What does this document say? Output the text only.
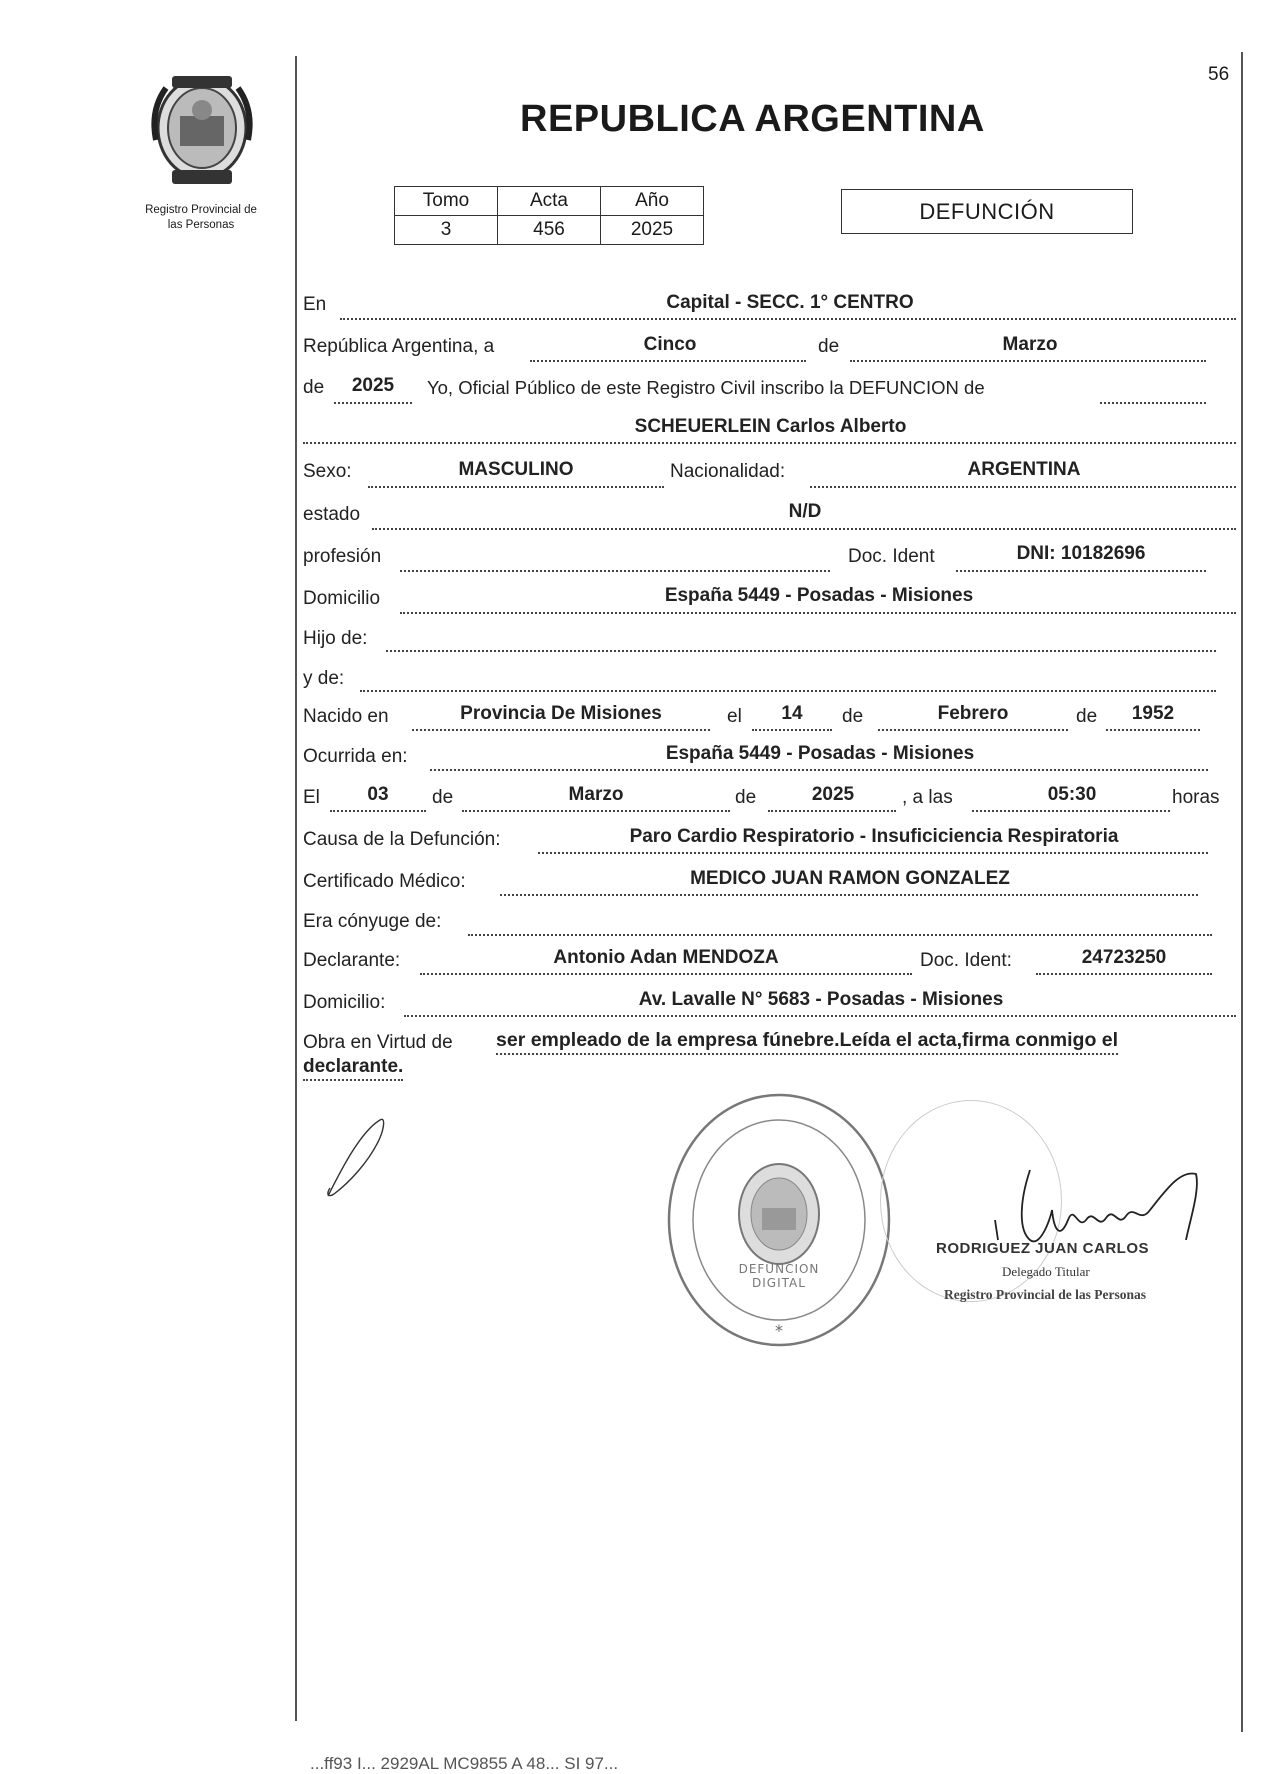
56
Registro Provincial de
las Personas
REPUBLICA ARGENTINA
Tomo	Acta	Año
3	456	2025
DEFUNCIÓN
En	Capital - SECC. 1° CENTRO
República Argentina, a	Cinco	de	Marzo
de	2025	Yo, Oficial Público de este Registro Civil inscribo la DEFUNCION de
SCHEUERLEIN Carlos Alberto
Sexo:	MASCULINO	Nacionalidad:	ARGENTINA
estado	N/D
profesión	Doc. Ident	DNI: 10182696
Domicilio	España 5449 - Posadas - Misiones
Hijo de:
y de:
Nacido en	Provincia De Misiones	el	14	de	Febrero	de	1952
Ocurrida en:	España 5449 - Posadas - Misiones
El	03	de	Marzo	de	2025	, a las	05:30	horas
Causa de la Defunción:	Paro Cardio Respiratorio - Insuficiciencia Respiratoria
Certificado Médico:	MEDICO JUAN RAMON GONZALEZ
Era cónyuge de:
Declarante:	Antonio Adan MENDOZA	Doc. Ident:	24723250
Domicilio:	Av. Lavalle N° 5683 - Posadas - Misiones
Obra en Virtud de ser empleado de la empresa fúnebre.Leída el acta,firma conmigo el
declarante.
*
DEFUNCION DIGITAL
RODRIGUEZ JUAN CARLOS
Delegado Titular
Registro Provincial de las Personas
...ff93 I... 2929AL MC9855 A 48... SI 97...
